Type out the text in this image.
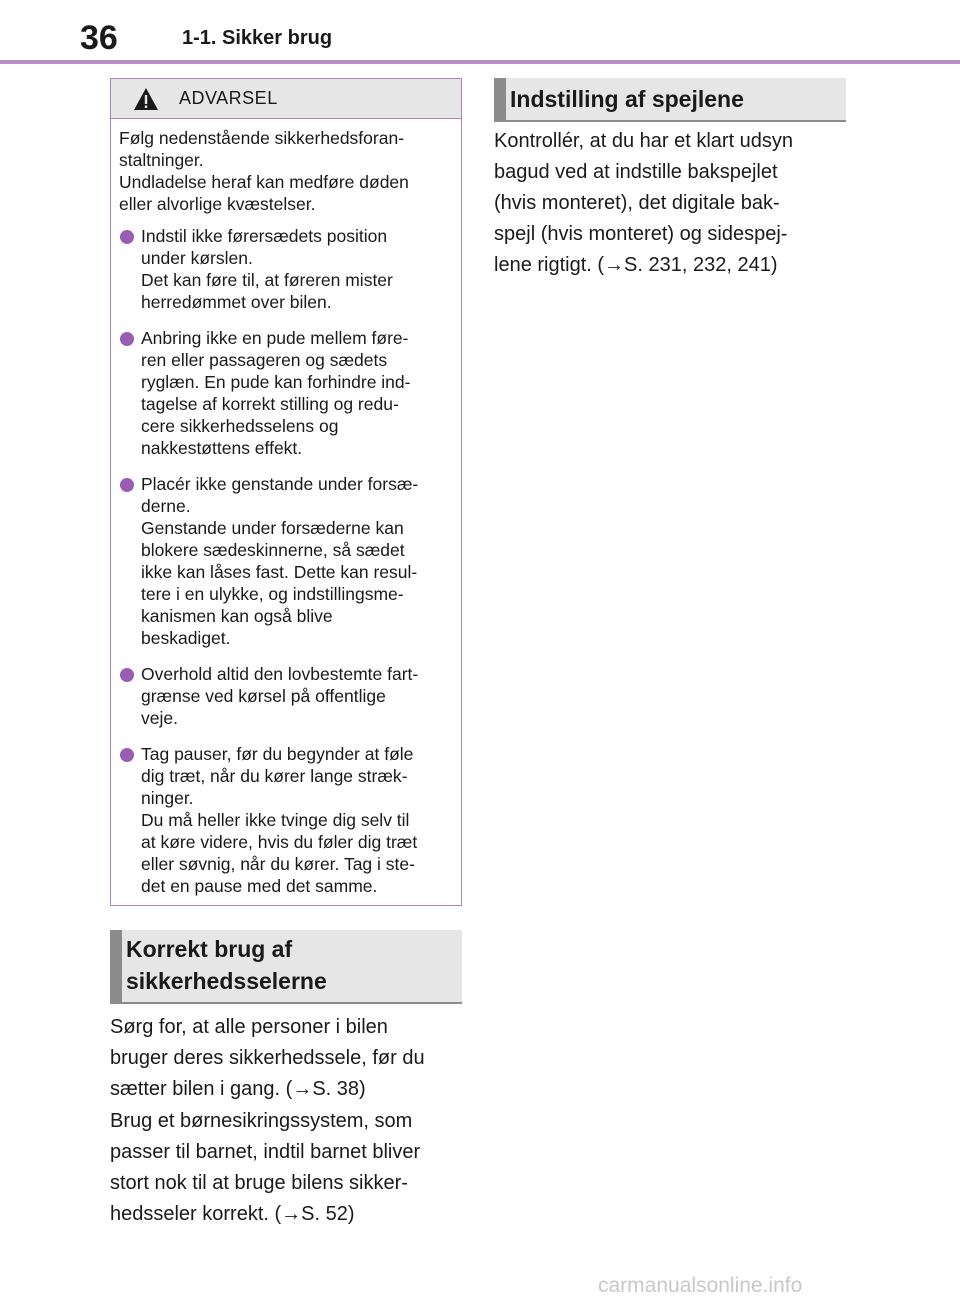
36	1-1. Sikker brug
ADVARSEL

Følg nedenstående sikkerhedsforan-
staltninger.
Undladelse heraf kan medføre døden
eller alvorlige kvæstelser.

Indstil ikke førersædets position
under kørslen.
Det kan føre til, at føreren mister
herredømmet over bilen.
Anbring ikke en pude mellem føre-
ren eller passageren og sædets
ryglæn. En pude kan forhindre ind-
tagelse af korrekt stilling og redu-
cere sikkerhedsselens og
nakkestøttens effekt.
Placér ikke genstande under forsæ-
derne.
Genstande under forsæderne kan
blokere sædeskinnerne, så sædet
ikke kan låses fast. Dette kan resul-
tere i en ulykke, og indstillingsme-
kanismen kan også blive
beskadiget.
Overhold altid den lovbestemte fart-
grænse ved kørsel på offentlige
veje.
Tag pauser, før du begynder at føle
dig træt, når du kører lange stræk-
ninger.
Du må heller ikke tvinge dig selv til
at køre videre, hvis du føler dig træt
eller søvnig, når du kører. Tag i ste-
det en pause med det samme.
Korrekt brug af
sikkerhedsselerne
Sørg for, at alle personer i bilen
bruger deres sikkerhedssele, før du
sætter bilen i gang. (→S. 38)
Brug et børnesikringssystem, som
passer til barnet, indtil barnet bliver
stort nok til at bruge bilens sikker-
hedsseler korrekt. (→S. 52)
Indstilling af spejlene
Kontrollér, at du har et klart udsyn
bagud ved at indstille bakspejlet
(hvis monteret), det digitale bak-
spejl (hvis monteret) og sidespej-
lene rigtigt. (→S. 231, 232, 241)
carmanualsonline.info
